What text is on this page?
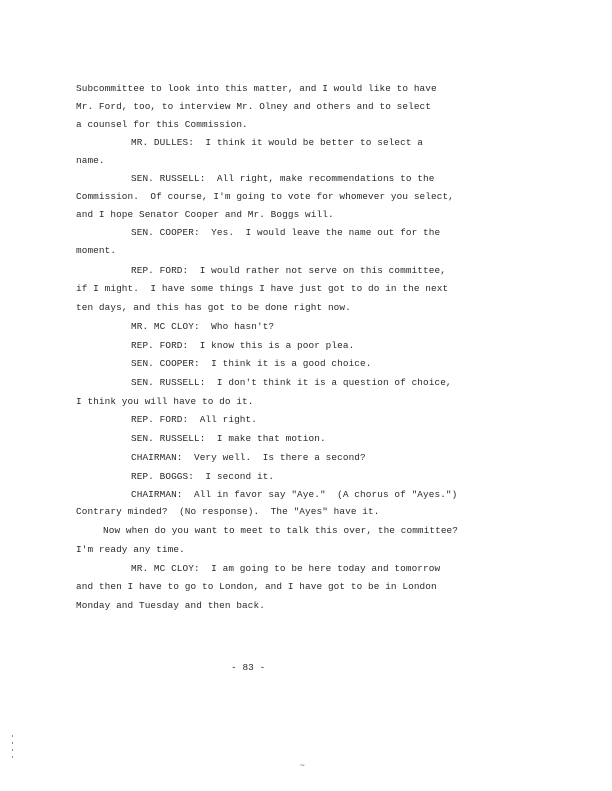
Subcommittee to look into this matter, and I would like to have
Mr. Ford, too, to interview Mr. Olney and others and to select
a counsel for this Commission.
MR. DULLES:  I think it would be better to select a
name.
SEN. RUSSELL:  All right, make recommendations to the
Commission.  Of course, I'm going to vote for whomever you select,
and I hope Senator Cooper and Mr. Boggs will.
SEN. COOPER:  Yes.  I would leave the name out for the
moment.
REP. FORD:  I would rather not serve on this committee,
if I might.  I have some things I have just got to do in the next
ten days, and this has got to be done right now.
MR. MC CLOY:  Who hasn't?
REP. FORD:  I know this is a poor plea.
SEN. COOPER:  I think it is a good choice.
SEN. RUSSELL:  I don't think it is a question of choice,
I think you will have to do it.
REP. FORD:  All right.
SEN. RUSSELL:  I make that motion.
CHAIRMAN:  Very well.  Is there a second?
REP. BOGGS:  I second it.
CHAIRMAN:  All in favor say "Aye."  (A chorus of "Ayes.")
Contrary minded?  (No response).  The "Ayes" have it.
Now when do you want to meet to talk this over, the committee?
I'm ready any time.
MR. MC CLOY:  I am going to be here today and tomorrow
and then I have to go to London, and I have got to be in London
Monday and Tuesday and then back.
- 83 -
~
